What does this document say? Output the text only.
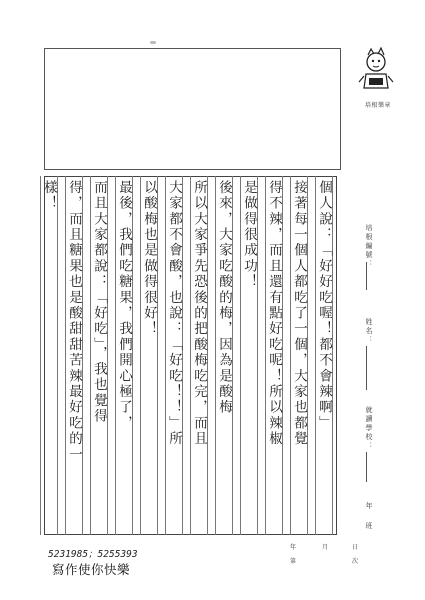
培根樂章
個人說：「好好吃喔！都不會辣啊」
接著每一個人都吃了一個，大家也都覺
得不辣，而且還有點好吃呢！所以辣椒
是做得很成功！
後來，大家吃酸的梅，因為是酸梅
所以大家爭先恐後的把酸梅吃完，而且
大家都不會酸，也說：「好吃！！」所
以酸梅也是做得很好！
最後，我們吃糖果，我們開心極了，
而且大家都說：「好吃」，我也覺得
得，而且糖果也是酸甜甜苦辣最好吃的一
樣！
培根編號：
姓名：
就讀學校：
年
班
年	月	日
第	次
5231985；5255393
寫作使你快樂
